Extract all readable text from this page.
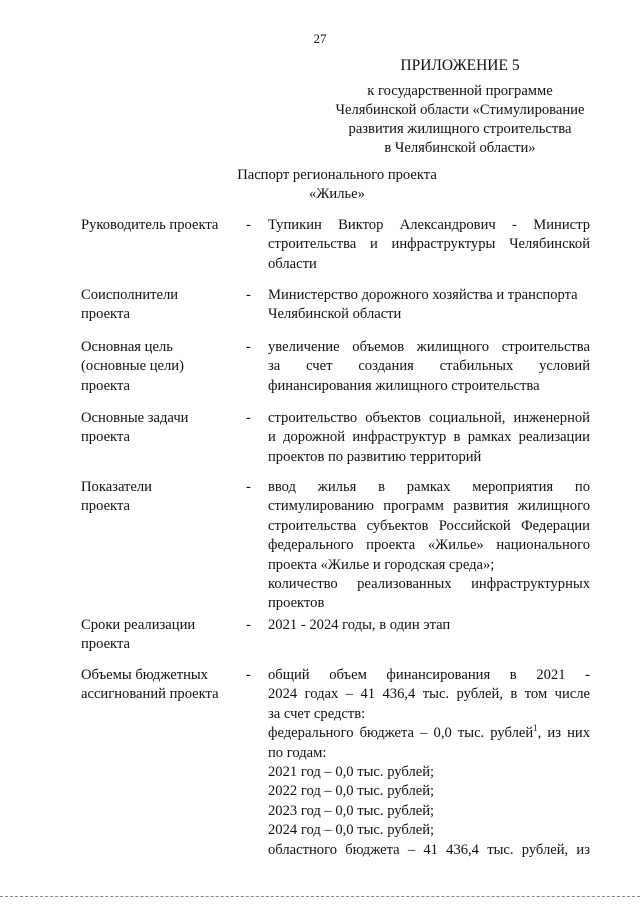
27
ПРИЛОЖЕНИЕ 5
к государственной программе
Челябинской области «Стимулирование
развития жилищного строительства
в Челябинской области»
Паспорт регионального проекта
«Жилье»
Руководитель проекта	-	Тупикин Виктор Александрович - Министр
строительства и инфраструктуры Челябинской
области
Соисполнители
проекта
-	Министерство дорожного хозяйства и транспорта
Челябинской области
Основная цель
(основные цели)
проекта
-	увеличение объемов жилищного строительства
за счет создания стабильных условий
финансирования жилищного строительства
Основные задачи
проекта
-	строительство объектов социальной, инженерной
и дорожной инфраструктур в рамках реализации
проектов по развитию территорий
Показатели
проекта
-	ввод жилья в рамках мероприятия по
стимулированию программ развития жилищного
строительства субъектов Российской Федерации
федерального проекта «Жилье» национального
проекта «Жилье и городская среда»;
количество реализованных инфраструктурных
проектов
Сроки реализации
проекта
-	2021 - 2024 годы, в один этап
Объемы бюджетных
ассигнований проекта
-	общий объем финансирования в 2021 -
2024 годах – 41 436,4 тыс. рублей, в том числе
за счет средств:
федерального бюджета – 0,0 тыс. рублей$^1$, из них
по годам:
2021 год – 0,0 тыс. рублей;
2022 год – 0,0 тыс. рублей;
2023 год – 0,0 тыс. рублей;
2024 год – 0,0 тыс. рублей;
областного бюджета – 41 436,4 тыс. рублей, из
